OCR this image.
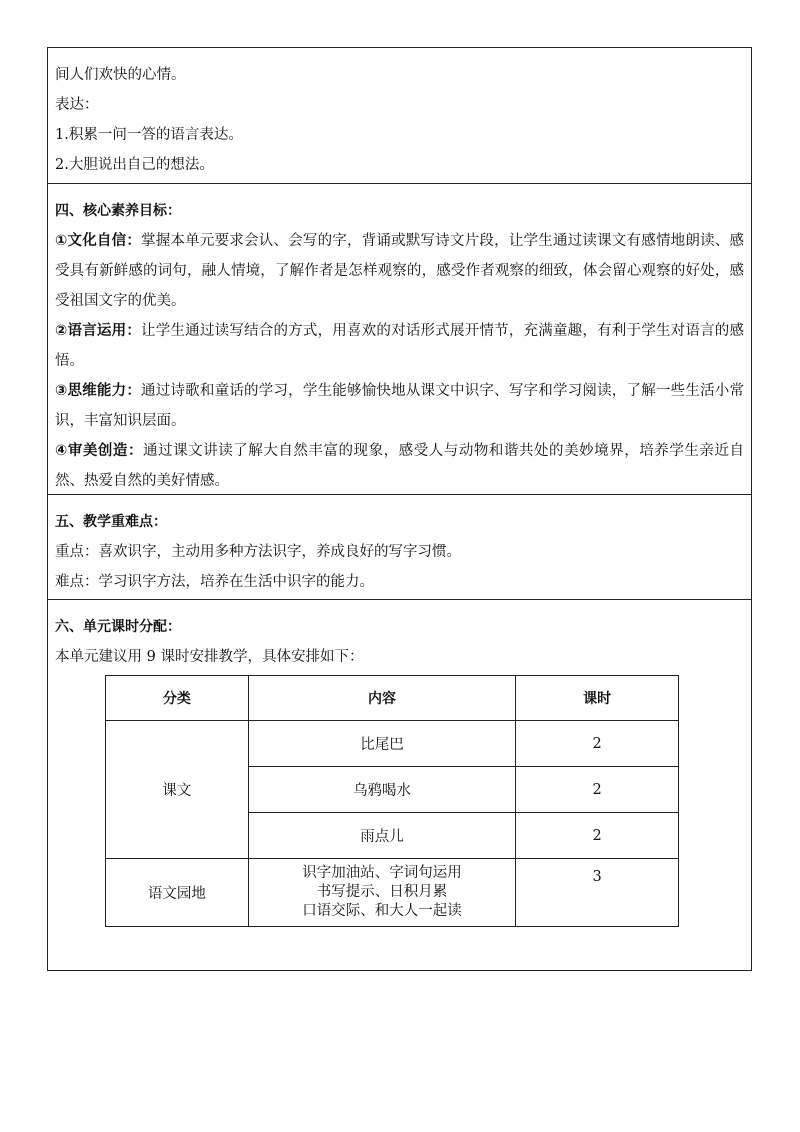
间人们欢快的心情。
表达：
1.积累一问一答的语言表达。
2.大胆说出自己的想法。
四、核心素养目标：
①文化自信：掌握本单元要求会认、会写的字，背诵或默写诗文片段，让学生通过读课文有感情地朗读、感受具有新鲜感的词句，融人情境，了解作者是怎样观察的，感受作者观察的细致，体会留心观察的好处，感受祖国文字的优美。
②语言运用：让学生通过读写结合的方式，用喜欢的对话形式展开情节，充满童趣，有利于学生对语言的感悟。
③思维能力：通过诗歌和童话的学习，学生能够愉快地从课文中识字、写字和学习阅读，了解一些生活小常识，丰富知识层面。
④审美创造：通过课文讲读了解大自然丰富的现象，感受人与动物和谐共处的美妙境界，培养学生亲近自然、热爱自然的美好情感。
五、教学重难点：
重点：喜欢识字，主动用多种方法识字，养成良好的写字习惯。
难点：学习识字方法，培养在生活中识字的能力。
六、单元课时分配：
本单元建议用 9 课时安排教学，具体安排如下：
分类	内容	课时
课文	比尾巴	2
	乌鸦喝水	2
	雨点儿	2
语文园地	识字加油站、字词句运用
书写提示、日积月累
口语交际、和大人一起读	3
